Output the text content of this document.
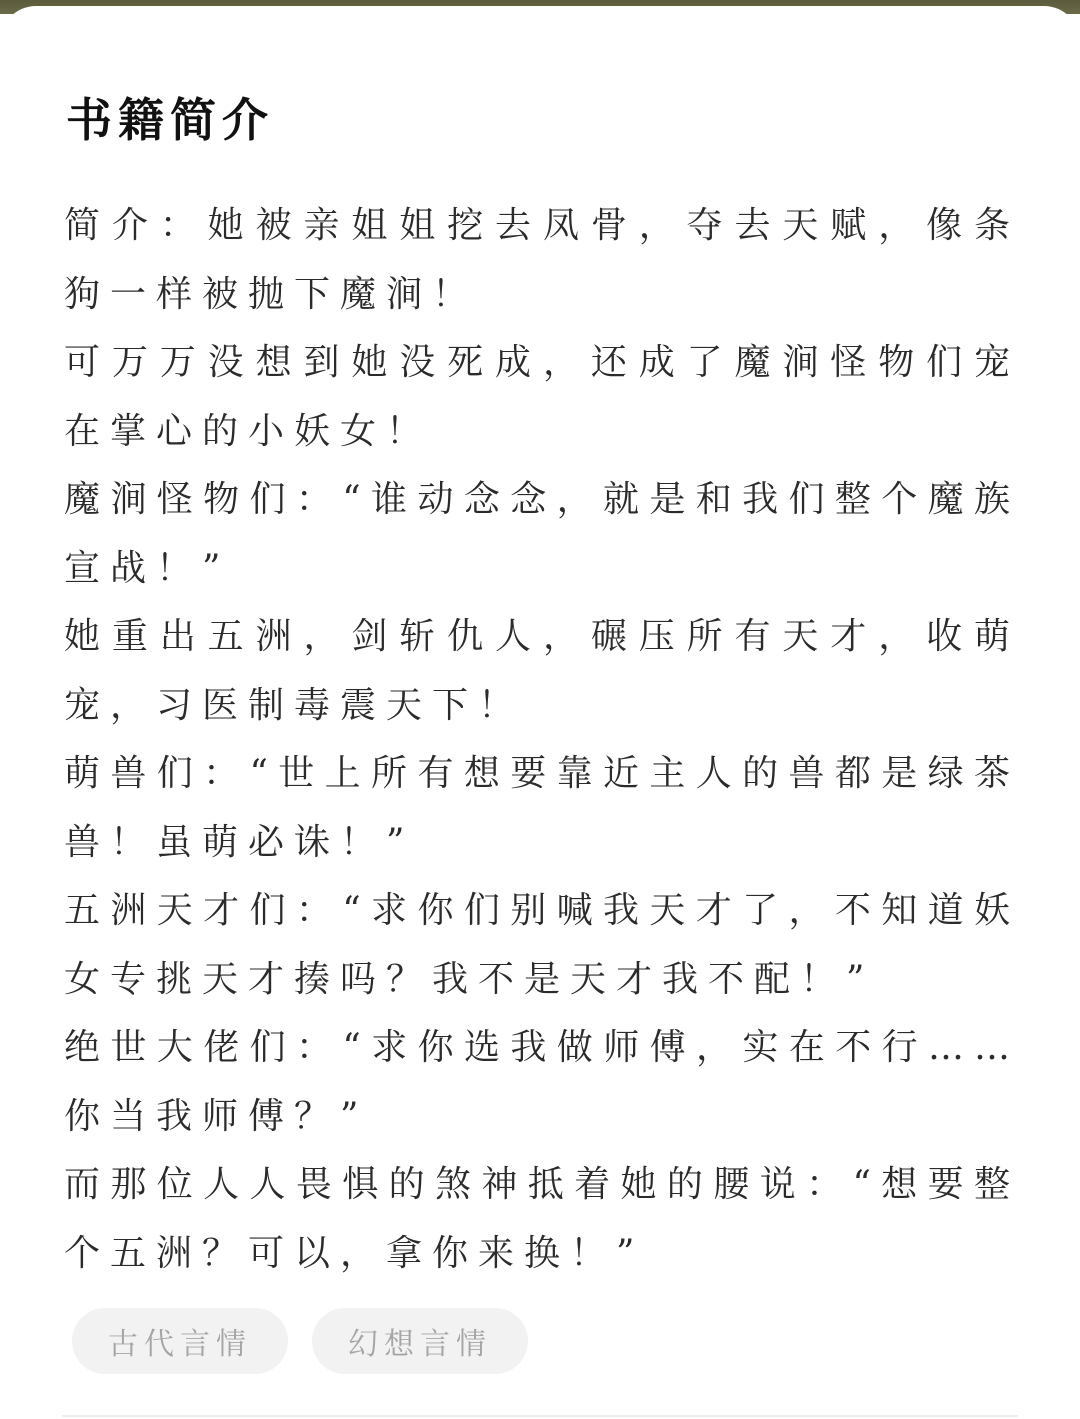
书籍简介

简介：她被亲姐姐挖去凤骨，夺去天赋，像条狗一样被抛下魔涧！

可万万没想到她没死成，还成了魔涧怪物们宠在掌心的小妖女！

魔涧怪物们：“谁动念念，就是和我们整个魔族宣战！”

她重出五洲，剑斩仇人，碾压所有天才，收萌宠，习医制毒震天下！

萌兽们：“世上所有想要靠近主人的兽都是绿茶兽！虽萌必诛！”

五洲天才们：“求你们别喊我天才了，不知道妖女专挑天才揍吗？我不是天才我不配！”

绝世大佬们：“求你选我做师傅，实在不行……你当我师傅？”

而那位人人畏惧的煞神抵着她的腰说：“想要整个五洲？可以，拿你来换！”

古代言情	幻想言情
